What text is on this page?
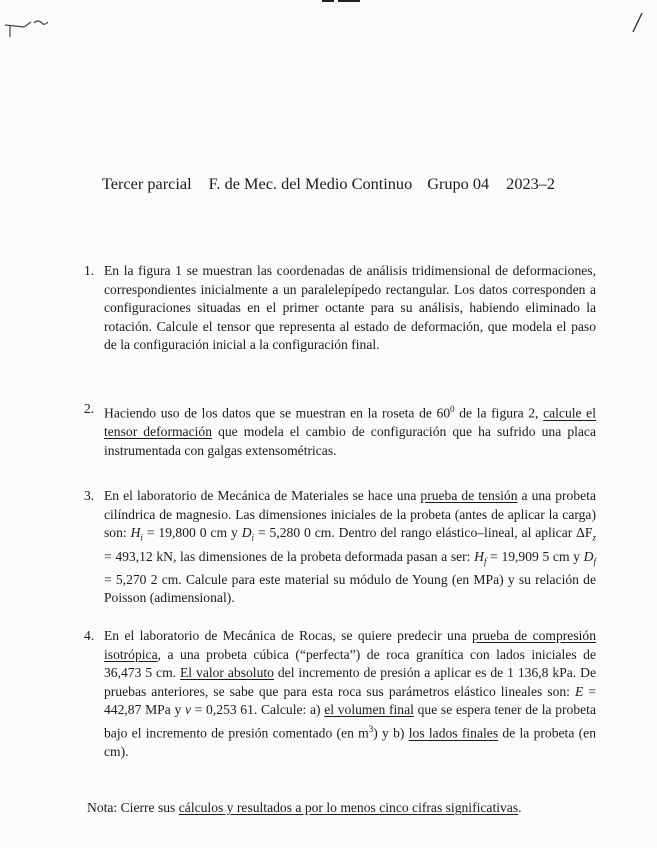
Tercer parcial F. de Mec. del Medio Continuo Grupo 04 2023–2
1. En la figura 1 se muestran las coordenadas de análisis tridimensional de deformaciones, correspondientes inicialmente a un paralelepípedo rectangular. Los datos corresponden a configuraciones situadas en el primer octante para su análisis, habiendo eliminado la rotación. Calcule el tensor que representa al estado de deformación, que modela el paso de la configuración inicial a la configuración final.
2. Haciendo uso de los datos que se muestran en la roseta de $60^0$ de la figura 2, calcule el tensor deformación que modela el cambio de configuración que ha sufrido una placa instrumentada con galgas extensométricas.
3. En el laboratorio de Mecánica de Materiales se hace una prueba de tensión a una probeta cilíndrica de magnesio. Las dimensiones iniciales de la probeta (antes de aplicar la carga) son: $H_i = 19,800$ 0 cm y $D_i = 5,280$ 0 cm. Dentro del rango elástico–lineal, al aplicar $\Delta F_z = 493,12$ kN, las dimensiones de la probeta deformada pasan a ser: $H_f = 19,909$ 5 cm y $D_f = 5,270$ 2 cm. Calcule para este material su módulo de Young (en MPa) y su relación de Poisson (adimensional).
4. En el laboratorio de Mecánica de Rocas, se quiere predecir una prueba de compresión isotrópica, a una probeta cúbica (“perfecta”) de roca granítica con lados iniciales de 36,473 5 cm. El valor absoluto del incremento de presión a aplicar es de 1 136,8 kPa. De pruebas anteriores, se sabe que para esta roca sus parámetros elástico lineales son: E = 442,87 MPa y ν = 0,253 61. Calcule: a) el volumen final que se espera tener de la probeta bajo el incremento de presión comentado (en $m^3$) y b) los lados finales de la probeta (en cm).
Nota: Cierre sus cálculos y resultados a por lo menos cinco cifras significativas.
